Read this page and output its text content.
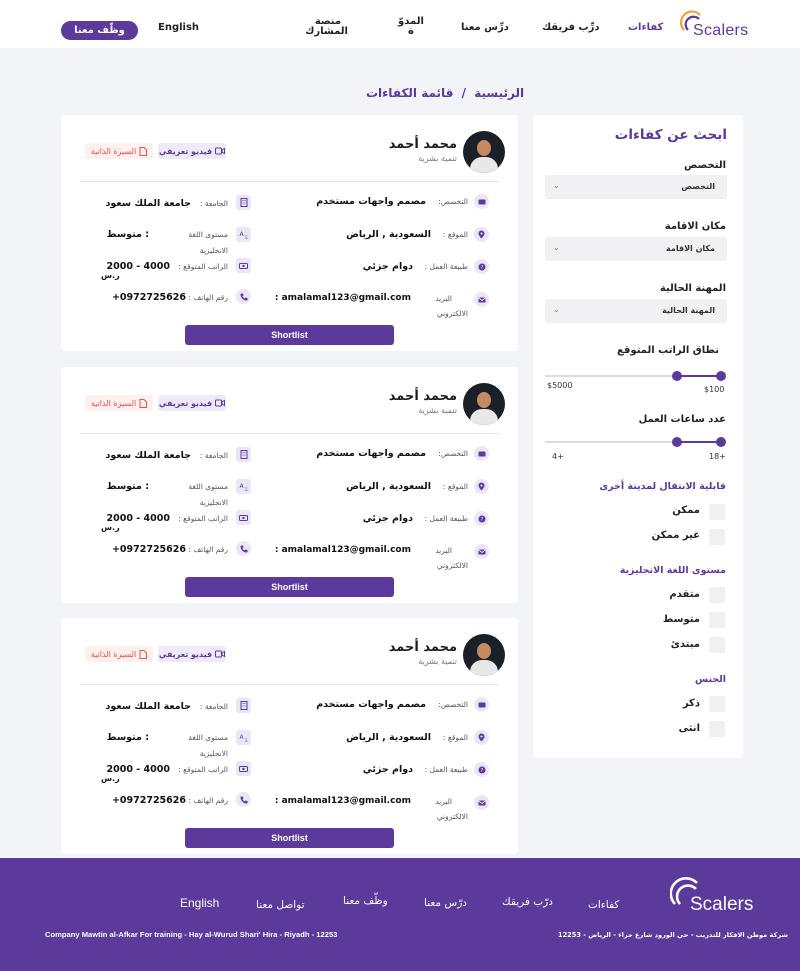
وظّف معنا	English
منصة
المشارك
المدوّ
ة	درِّس معنا	درِّب فريقك	كفاءات Scalers
الرئيسية / قائمة الكفاءات
محمد أحمد
تنمية بشرية
فيديو تعريفي
السيرة الذاتية
التخصص:
مصمم واجهات مستخدم
الموقع :
السعودية , الرياض
?
طبيعة العمل :
دوام جزئي
البريد
الالكتروني
amalamal123@gmail.com :
الجامعة :
جامعة الملك سعود
A 文
مستوى اللغة
الانجليزية
: متوسط
الراتب المتوقع :
2000 - 4000
ر.س
رقم الهاتف :
+0972725626
Shortlist
محمد أحمد
تنمية بشرية
فيديو تعريفي
السيرة الذاتية
التخصص:
مصمم واجهات مستخدم
الموقع :
السعودية , الرياض
?
طبيعة العمل :
دوام جزئي
البريد
الالكتروني
amalamal123@gmail.com :
الجامعة :
جامعة الملك سعود
A 文
مستوى اللغة
الانجليزية
: متوسط
الراتب المتوقع :
2000 - 4000
ر.س
رقم الهاتف :
+0972725626
Shortlist
محمد أحمد
تنمية بشرية
فيديو تعريفي
السيرة الذاتية
التخصص:
مصمم واجهات مستخدم
الموقع :
السعودية , الرياض
?
طبيعة العمل :
دوام جزئي
البريد
الالكتروني
amalamal123@gmail.com :
الجامعة :
جامعة الملك سعود
A 文
مستوى اللغة
الانجليزية
: متوسط
الراتب المتوقع :
2000 - 4000
ر.س
رقم الهاتف :
+0972725626
Shortlist
ابحث عن كفاءات
التخصص
التخصص
⌄
مكان الاقامة
مكان الاقامة
⌄
المهنة الحالية
المهنة الحالية
⌄
نطاق الراتب المتوقع
$5000	$100
عدد ساعات العمل
4+	18+
قابلية الانتقال لمدينة أخرى
ممكن
غير ممكن
مستوى اللغة الانجليزية
متقدم
متوسط
مبتدئ
الجنس
ذكر
انثى
Scalers
كفاءات
درّب فريقك
درّس معنا
وظّف معنا
تواصل معنا
English
شركة موطن الافكار للتدريب - حي الورود شارع حراء - الرياض - 12253
Company Mawtin al-Afkar For training - Hay al-Wurud Shari' Hira - Riyadh - 12253
